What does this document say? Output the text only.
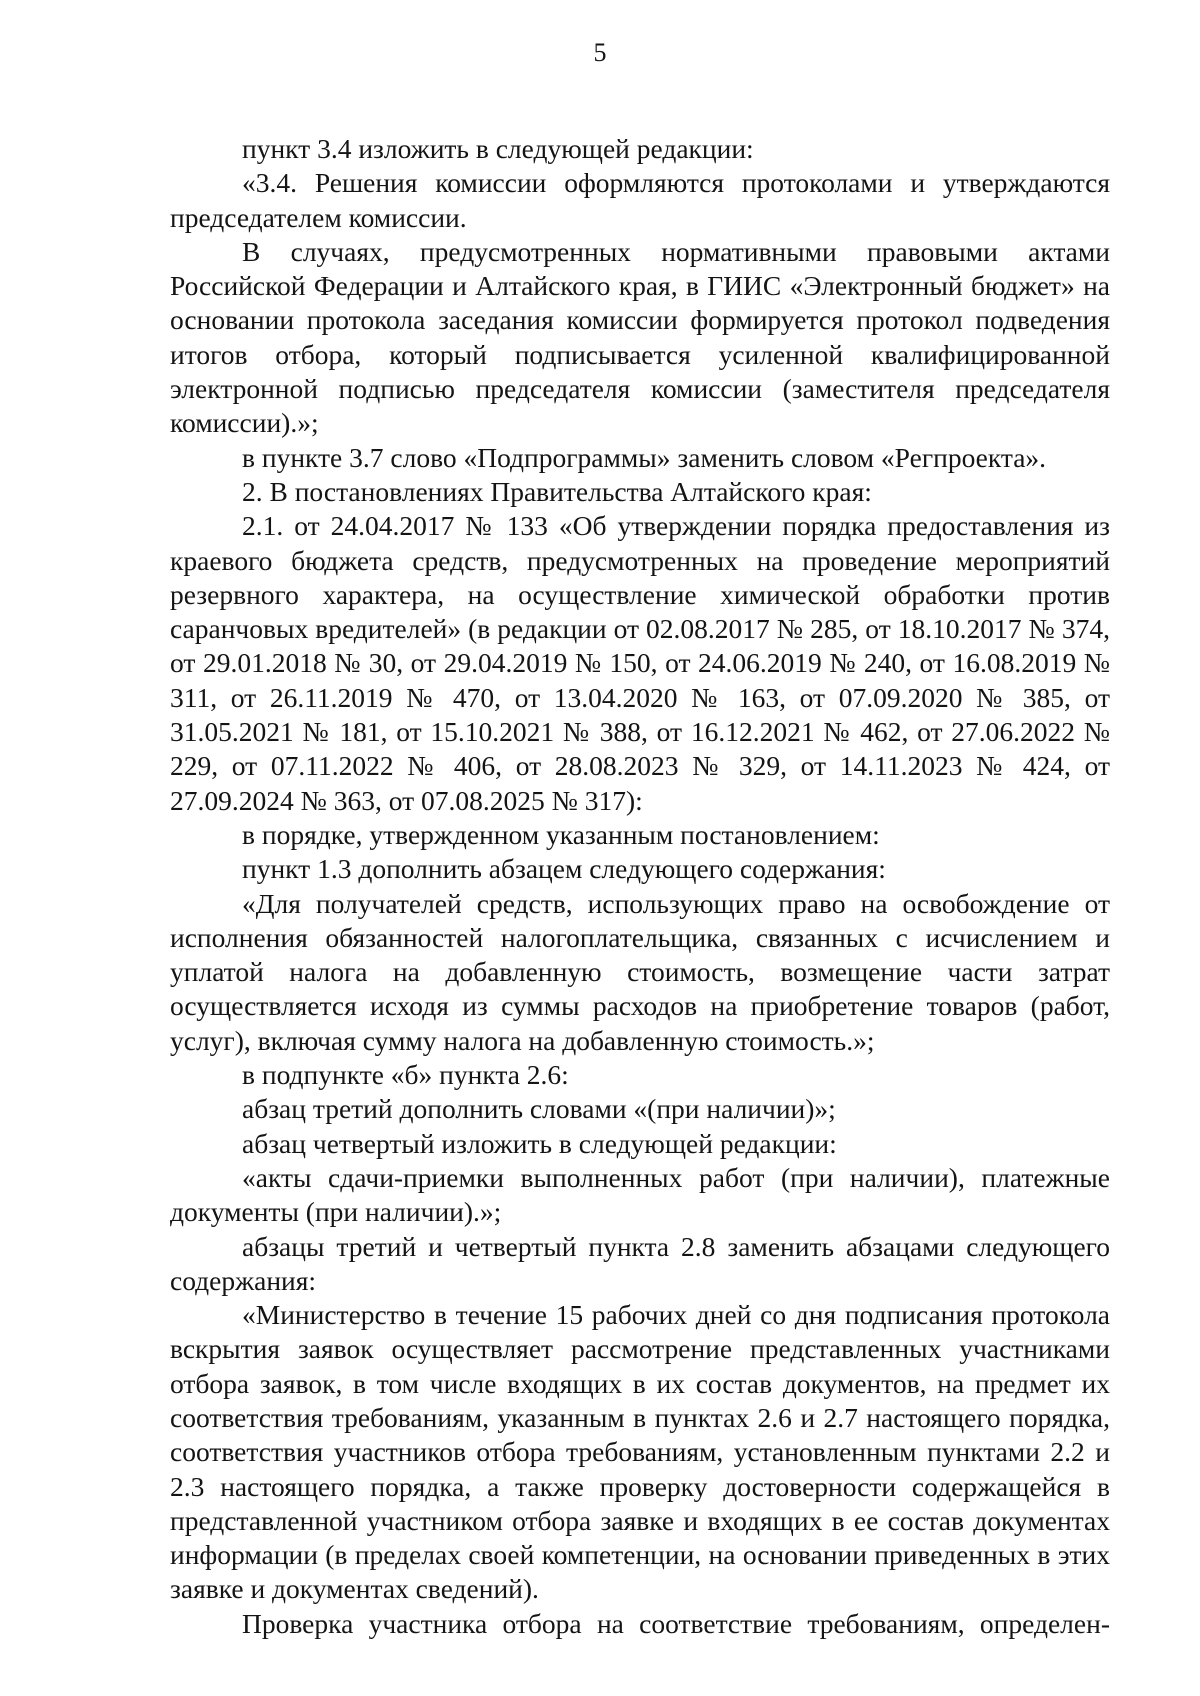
5

пункт 3.4 изложить в следующей редакции:

«3.4. Решения комиссии оформляются протоколами и утверждаются председателем комиссии.

В случаях, предусмотренных нормативными правовыми актами Российской Федерации и Алтайского края, в ГИИС «Электронный бюджет» на основании протокола заседания комиссии формируется протокол подведения итогов отбора, который подписывается усиленной квалифицированной электронной подписью председателя комиссии (заместителя председателя комиссии).»;

в пункте 3.7 слово «Подпрограммы» заменить словом «Регпроекта».

2. В постановлениях Правительства Алтайского края:

2.1. от 24.04.2017 № 133 «Об утверждении порядка предоставления из краевого бюджета средств, предусмотренных на проведение мероприятий резервного характера, на осуществление химической обработки против саранчовых вредителей» (в редакции от 02.08.2017 № 285, от 18.10.2017 № 374, от 29.01.2018 № 30, от 29.04.2019 № 150, от 24.06.2019 № 240, от 16.08.2019 № 311, от 26.11.2019 № 470, от 13.04.2020 № 163, от 07.09.2020 № 385, от 31.05.2021 № 181, от 15.10.2021 № 388, от 16.12.2021 № 462, от 27.06.2022 № 229, от 07.11.2022 № 406, от 28.08.2023 № 329, от 14.11.2023 № 424, от 27.09.2024 № 363, от 07.08.2025 № 317):

в порядке, утвержденном указанным постановлением:

пункт 1.3 дополнить абзацем следующего содержания:

«Для получателей средств, использующих право на освобождение от исполнения обязанностей налогоплательщика, связанных с исчислением и уплатой налога на добавленную стоимость, возмещение части затрат осуществляется исходя из суммы расходов на приобретение товаров (работ, услуг), включая сумму налога на добавленную стоимость.»;

в подпункте «б» пункта 2.6:

абзац третий дополнить словами «(при наличии)»;

абзац четвертый изложить в следующей редакции:

«акты сдачи-приемки выполненных работ (при наличии), платежные документы (при наличии).»;

абзацы третий и четвертый пункта 2.8 заменить абзацами следующего содержания:

«Министерство в течение 15 рабочих дней со дня подписания протокола вскрытия заявок осуществляет рассмотрение представленных участниками отбора заявок, в том числе входящих в их состав документов, на предмет их соответствия требованиям, указанным в пунктах 2.6 и 2.7 настоящего порядка, соответствия участников отбора требованиям, установленным пунктами 2.2 и 2.3 настоящего порядка, а также проверку достоверности содержащейся в представленной участником отбора заявке и входящих в ее состав документах информации (в пределах своей компетенции, на основании приведенных в этих заявке и документах сведений).

Проверка участника отбора на соответствие требованиям, определен-
